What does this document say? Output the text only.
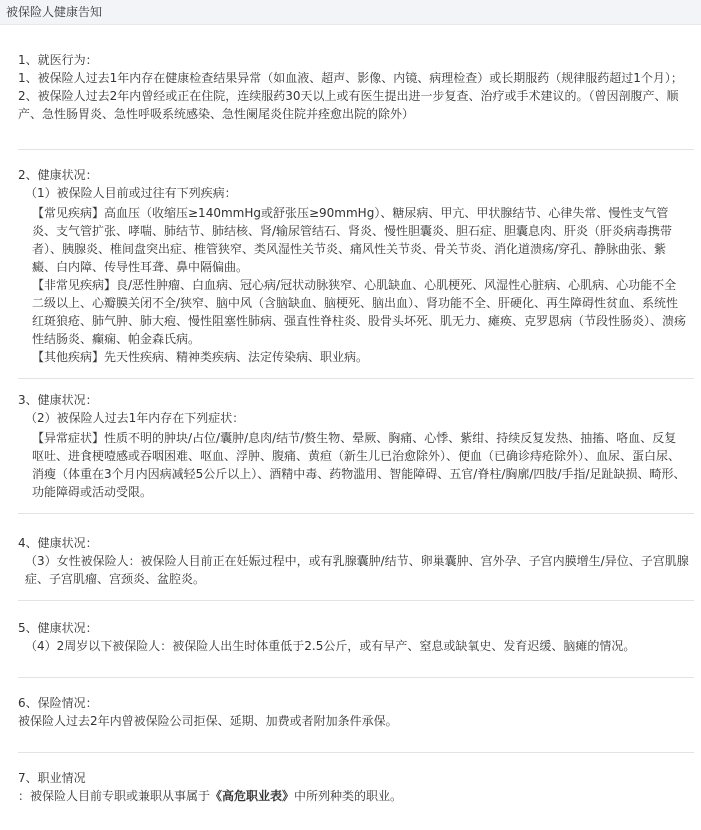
被保险人健康告知

1、就医行为：

1、被保险人过去1年内存在健康检查结果异常（如血液、超声、影像、内镜、病理检查）或长期服药（规律服药超过1个月）；

2、被保险人过去2年内曾经或正在住院，连续服药30天以上或有医生提出进一步复查、治疗或手术建议的。（曾因剖腹产、顺产、急性肠胃炎、急性呼吸系统感染、急性阑尾炎住院并痊愈出院的除外）

2、健康状况：

（1）被保险人目前或过往有下列疾病：

【常见疾病】高血压（收缩压≥140mmHg或舒张压≥90mmHg）、糖尿病、甲亢、甲状腺结节、心律失常、慢性支气管炎、支气管扩张、哮喘、肺结节、肺结核、肾/输尿管结石、肾炎、慢性胆囊炎、胆石症、胆囊息肉、肝炎（肝炎病毒携带者）、胰腺炎、椎间盘突出症、椎管狭窄、类风湿性关节炎、痛风性关节炎、骨关节炎、消化道溃疡/穿孔、静脉曲张、紫癜、白内障、传导性耳聋、鼻中隔偏曲。

【非常见疾病】良/恶性肿瘤、白血病、冠心病/冠状动脉狭窄、心肌缺血、心肌梗死、风湿性心脏病、心肌病、心功能不全二级以上、心瓣膜关闭不全/狭窄、脑中风（含脑缺血、脑梗死、脑出血）、肾功能不全、肝硬化、再生障碍性贫血、系统性红斑狼疮、肺气肿、肺大疱、慢性阻塞性肺病、强直性脊柱炎、股骨头坏死、肌无力、瘫痪、克罗恩病（节段性肠炎）、溃疡性结肠炎、癫痫、帕金森氏病。

【其他疾病】先天性疾病、精神类疾病、法定传染病、职业病。

3、健康状况：

（2）被保险人过去1年内存在下列症状：

【异常症状】性质不明的肿块/占位/囊肿/息肉/结节/赘生物、晕厥、胸痛、心悸、紫绀、持续反复发热、抽搐、咯血、反复呕吐、进食梗噎感或吞咽困难、呕血、浮肿、腹痛、黄疸（新生儿已治愈除外）、便血（已确诊痔疮除外）、血尿、蛋白尿、消瘦（体重在3个月内因病减轻5公斤以上）、酒精中毒、药物滥用、智能障碍、五官/脊柱/胸廓/四肢/手指/足趾缺损、畸形、功能障碍或活动受限。

4、健康状况：

（3）女性被保险人：被保险人目前正在妊娠过程中，或有乳腺囊肿/结节、卵巢囊肿、宫外孕、子宫内膜增生/异位、子宫肌腺症、子宫肌瘤、宫颈炎、盆腔炎。

5、健康状况：

（4）2周岁以下被保险人：被保险人出生时体重低于2.5公斤，或有早产、窒息或缺氧史、发育迟缓、脑瘫的情况。

6、保险情况：

被保险人过去2年内曾被保险公司拒保、延期、加费或者附加条件承保。

7、职业情况

：被保险人目前专职或兼职从事属于《高危职业表》中所列种类的职业。
